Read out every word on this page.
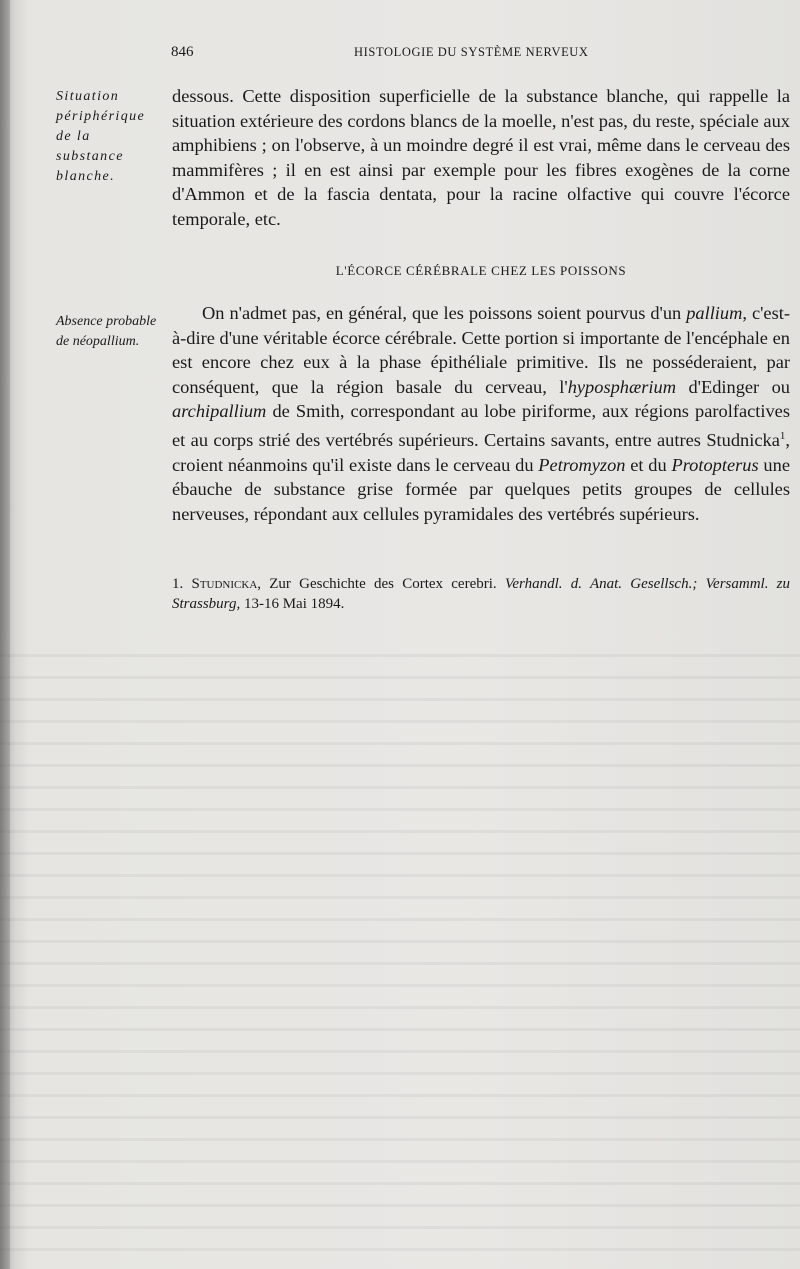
846	HISTOLOGIE DU SYSTÈME NERVEUX
Situation périphérique de la substance blanche.
Absence probable de néopallium.

dessous. Cette disposition superficielle de la substance blanche, qui rappelle la situation extérieure des cordons blancs de la moelle, n'est pas, du reste, spéciale aux amphibiens ; on l'observe, à un moindre degré il est vrai, même dans le cerveau des mammifères ; il en est ainsi par exemple pour les fibres exogènes de la corne d'Ammon et de la fascia dentata, pour la racine olfactive qui couvre l'écorce temporale, etc.

L'ÉCORCE CÉRÉBRALE CHEZ LES POISSONS

On n'admet pas, en général, que les poissons soient pourvus d'un pallium, c'est-à-dire d'une véritable écorce cérébrale. Cette portion si importante de l'encéphale en est encore chez eux à la phase épithéliale primitive. Ils ne posséderaient, par conséquent, que la région basale du cerveau, l'hyposphærium d'Edinger ou archipallium de Smith, correspondant au lobe piriforme, aux régions parolfactives et au corps strié des vertébrés supérieurs. Certains savants, entre autres Studnicka$^1$, croient néanmoins qu'il existe dans le cerveau du Petromyzon et du Protopterus une ébauche de substance grise formée par quelques petits groupes de cellules nerveuses, répondant aux cellules pyramidales des vertébrés supérieurs.

1. Studnicka, Zur Geschichte des Cortex cerebri. Verhandl. d. Anat. Gesellsch.; Versamml. zu Strassburg, 13-16 Mai 1894.
